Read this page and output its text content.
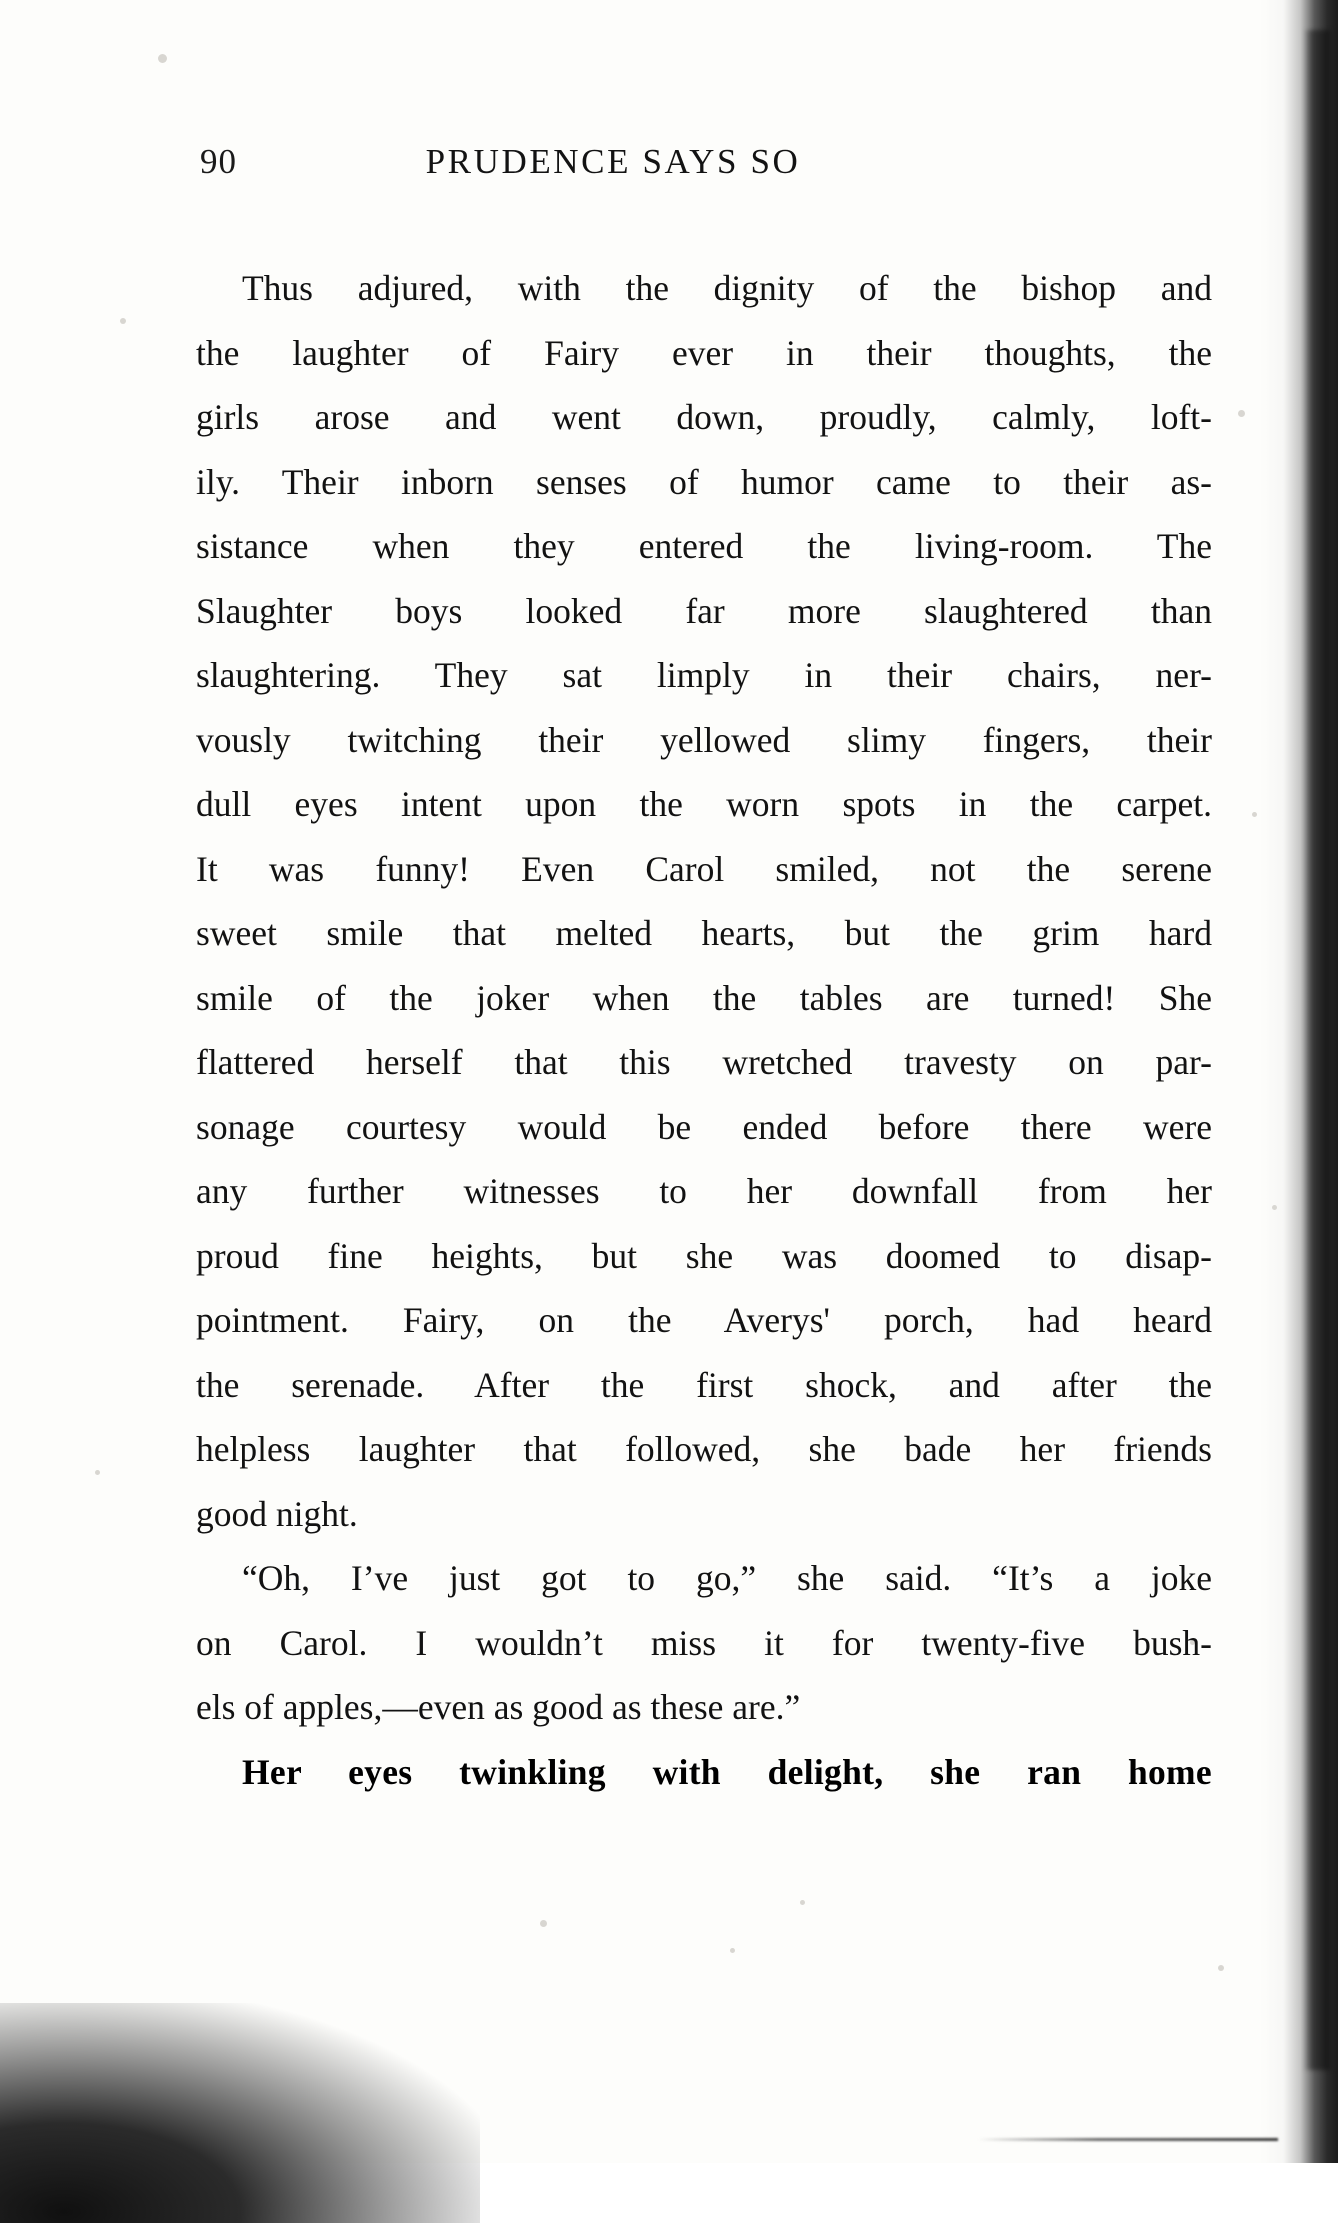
90	PRUDENCE SAYS SO

Thus adjured, with the dignity of the bishop and
the laughter of Fairy ever in their thoughts, the
girls arose and went down, proudly, calmly, loft-
ily. Their inborn senses of humor came to their as-
sistance when they entered the living-room. The
Slaughter boys looked far more slaughtered than
slaughtering. They sat limply in their chairs, ner-
vously twitching their yellowed slimy fingers, their
dull eyes intent upon the worn spots in the carpet.
It was funny! Even Carol smiled, not the serene
sweet smile that melted hearts, but the grim hard
smile of the joker when the tables are turned! She
flattered herself that this wretched travesty on par-
sonage courtesy would be ended before there were
any further witnesses to her downfall from her
proud fine heights, but she was doomed to disap-
pointment. Fairy, on the Averys' porch, had heard
the serenade. After the first shock, and after the
helpless laughter that followed, she bade her friends
good night.

“Oh, I’ve just got to go,” she said. “It’s a joke
on Carol. I wouldn’t miss it for twenty-five bush-
els of apples,—even as good as these are.”

Her eyes twinkling with delight, she ran home
